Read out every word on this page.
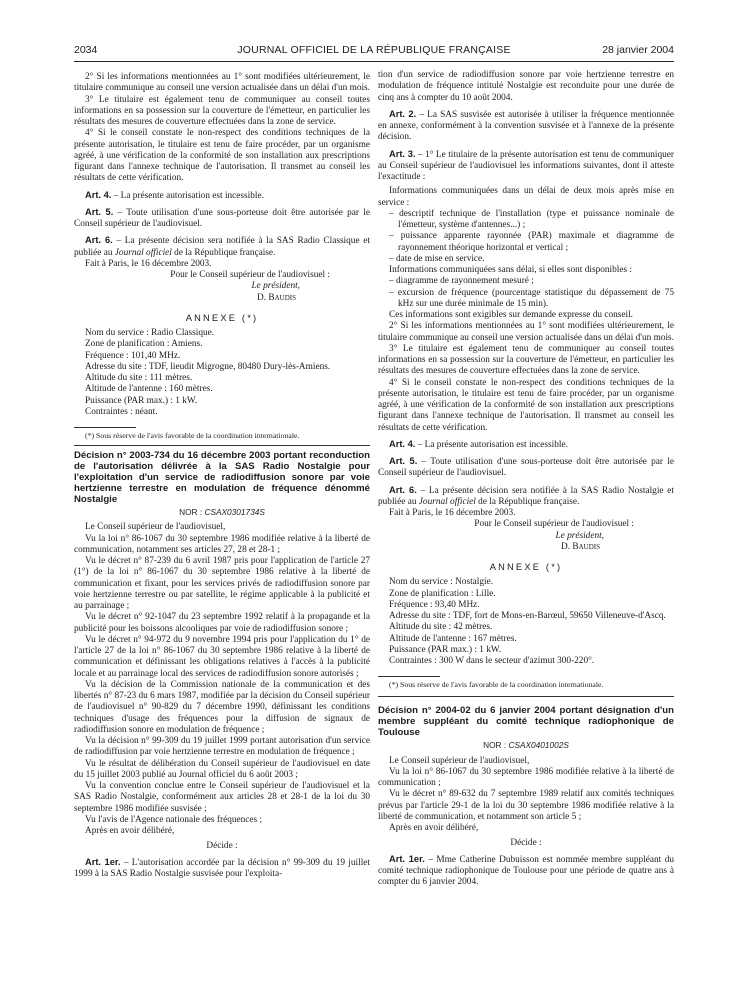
2034	JOURNAL OFFICIEL DE LA RÉPUBLIQUE FRANÇAISE	28 janvier 2004

2° Si les informations mentionnées au 1° sont modifiées ultérieurement, le titulaire communique au conseil une version actualisée dans un délai d'un mois.

3° Le titulaire est également tenu de communiquer au conseil toutes informations en sa possession sur la couverture de l'émetteur, en particulier les résultats des mesures de couverture effectuées dans la zone de service.

4° Si le conseil constate le non-respect des conditions techniques de la présente autorisation, le titulaire est tenu de faire procéder, par un organisme agréé, à une vérification de la conformité de son installation aux prescriptions figurant dans l'annexe technique de l'autorisation. Il transmet au conseil les résultats de cette vérification.

Art. 4. – La présente autorisation est incessible.

Art. 5. – Toute utilisation d'une sous-porteuse doit être autorisée par le Conseil supérieur de l'audiovisuel.

Art. 6. – La présente décision sera notifiée à la SAS Radio Classique et publiée au Journal officiel de la République française.

Fait à Paris, le 16 décembre 2003.

Pour le Conseil supérieur de l'audiovisuel :

Le président,

D. Baudis

ANNEXE (*)

Nom du service : Radio Classique.

Zone de planification : Amiens.

Fréquence : 101,40 MHz.

Adresse du site : TDF, lieudit Migrogne, 80480 Dury-lès-Amiens.

Altitude du site : 111 mètres.

Altitude de l'antenne : 160 mètres.

Puissance (PAR max.) : 1 kW.

Contraintes : néant.

(*) Sous réserve de l'avis favorable de la coordination internationale.

Décision n° 2003-734 du 16 décembre 2003 portant reconduction de l'autorisation délivrée à la SAS Radio Nostalgie pour l'exploitation d'un service de radiodiffusion sonore par voie hertzienne terrestre en modulation de fréquence dénommé Nostalgie

NOR : CSAX0301734S

Le Conseil supérieur de l'audiovisuel,

Vu la loi n° 86-1067 du 30 septembre 1986 modifiée relative à la liberté de communication, notamment ses articles 27, 28 et 28-1 ;

Vu le décret n° 87-239 du 6 avril 1987 pris pour l'application de l'article 27 (1°) de la loi n° 86-1067 du 30 septembre 1986 relative à la liberté de communication et fixant, pour les services privés de radiodiffusion sonore par voie hertzienne terrestre ou par satellite, le régime applicable à la publicité et au parrainage ;

Vu le décret n° 92-1047 du 23 septembre 1992 relatif à la propagande et la publicité pour les boissons alcooliques par voie de radiodiffusion sonore ;

Vu le décret n° 94-972 du 9 novembre 1994 pris pour l'application du 1° de l'article 27 de la loi n° 86-1067 du 30 septembre 1986 relative à la liberté de communication et définissant les obligations relatives à l'accès à la publicité locale et au parrainage local des services de radiodiffusion sonore autorisés ;

Vu la décision de la Commission nationale de la communication et des libertés n° 87-23 du 6 mars 1987, modifiée par la décision du Conseil supérieur de l'audiovisuel n° 90-829 du 7 décembre 1990, définissant les conditions techniques d'usage des fréquences pour la diffusion de signaux de radiodiffusion sonore en modulation de fréquence ;

Vu la décision n° 99-309 du 19 juillet 1999 portant autorisation d'un service de radiodiffusion par voie hertzienne terrestre en modulation de fréquence ;

Vu le résultat de délibération du Conseil supérieur de l'audiovisuel en date du 15 juillet 2003 publié au Journal officiel du 6 août 2003 ;

Vu la convention conclue entre le Conseil supérieur de l'audiovisuel et la SAS Radio Nostalgie, conformément aux articles 28 et 28-1 de la loi du 30 septembre 1986 modifiée susvisée ;

Vu l'avis de l'Agence nationale des fréquences ;

Après en avoir délibéré,

Décide :

Art. 1er. – L'autorisation accordée par la décision n° 99-309 du 19 juillet 1999 à la SAS Radio Nostalgie susvisée pour l'exploita-

tion d'un service de radiodiffusion sonore par voie hertzienne terrestre en modulation de fréquence intitulé Nostalgie est reconduite pour une durée de cinq ans à compter du 10 août 2004.

Art. 2. – La SAS susvisée est autorisée à utiliser la fréquence mentionnée en annexe, conformément à la convention susvisée et à l'annexe de la présente décision.

Art. 3. – 1° Le titulaire de la présente autorisation est tenu de communiquer au Conseil supérieur de l'audiovisuel les informations suivantes, dont il atteste l'exactitude :

Informations communiquées dans un délai de deux mois après mise en service :

– descriptif technique de l'installation (type et puissance nominale de l'émetteur, système d'antennes...) ;

– puissance apparente rayonnée (PAR) maximale et diagramme de rayonnement théorique horizontal et vertical ;

– date de mise en service.

Informations communiquées sans délai, si elles sont disponibles :

– diagramme de rayonnement mesuré ;

– excursion de fréquence (pourcentage statistique du dépassement de 75 kHz sur une durée minimale de 15 min).

Ces informations sont exigibles sur demande expresse du conseil.

2° Si les informations mentionnées au 1° sont modifiées ultérieurement, le titulaire communique au conseil une version actualisée dans un délai d'un mois.

3° Le titulaire est également tenu de communiquer au conseil toutes informations en sa possession sur la couverture de l'émetteur, en particulier les résultats des mesures de couverture effectuées dans la zone de service.

4° Si le conseil constate le non-respect des conditions techniques de la présente autorisation, le titulaire est tenu de faire procéder, par un organisme agréé, à une vérification de la conformité de son installation aux prescriptions figurant dans l'annexe technique de l'autorisation. Il transmet au conseil les résultats de cette vérification.

Art. 4. – La présente autorisation est incessible.

Art. 5. – Toute utilisation d'une sous-porteuse doit être autorisée par le Conseil supérieur de l'audiovisuel.

Art. 6. – La présente décision sera notifiée à la SAS Radio Nostalgie et publiée au Journal officiel de la République française.

Fait à Paris, le 16 décembre 2003.

Pour le Conseil supérieur de l'audiovisuel :

Le président,

D. Baudis

ANNEXE (*)

Nom du service : Nostalgie.

Zone de planification : Lille.

Fréquence : 93,40 MHz.

Adresse du site : TDF, fort de Mons-en-Barœul, 59650 Villeneuve-d'Ascq.

Altitude du site : 42 mètres.

Altitude de l'antenne : 167 mètres.

Puissance (PAR max.) : 1 kW.

Contraintes : 300 W dans le secteur d'azimut 300-220°.

(*) Sous réserve de l'avis favorable de la coordination internationale.

Décision n° 2004-02 du 6 janvier 2004 portant désignation d'un membre suppléant du comité technique radiophonique de Toulouse

NOR : CSAX0401002S

Le Conseil supérieur de l'audiovisuel,

Vu la loi n° 86-1067 du 30 septembre 1986 modifiée relative à la liberté de communication ;

Vu le décret n° 89-632 du 7 septembre 1989 relatif aux comités techniques prévus par l'article 29-1 de la loi du 30 septembre 1986 modifiée relative à la liberté de communication, et notamment son article 5 ;

Après en avoir délibéré,

Décide :

Art. 1er. – Mme Catherine Dubuisson est nommée membre suppléant du comité technique radiophonique de Toulouse pour une période de quatre ans à compter du 6 janvier 2004.
